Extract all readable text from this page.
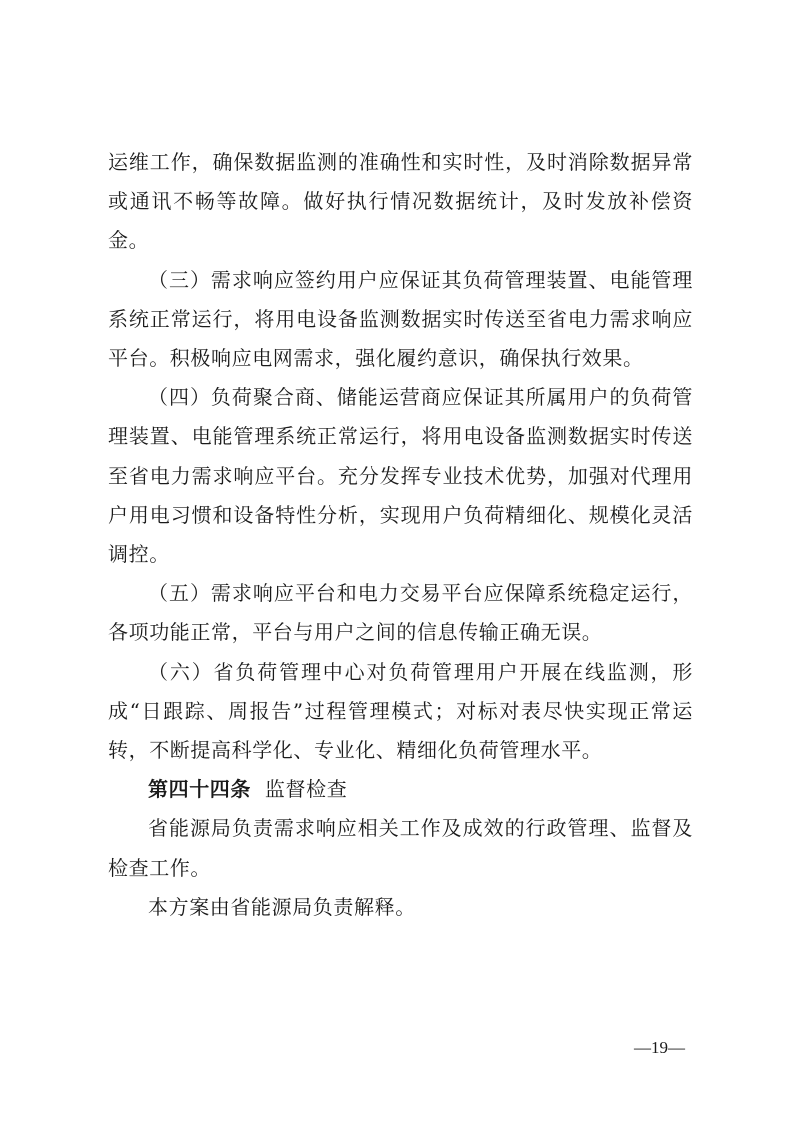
运维工作，确保数据监测的准确性和实时性，及时消除数据异常或通讯不畅等故障。做好执行情况数据统计，及时发放补偿资金。

（三）需求响应签约用户应保证其负荷管理装置、电能管理系统正常运行，将用电设备监测数据实时传送至省电力需求响应平台。积极响应电网需求，强化履约意识，确保执行效果。

（四）负荷聚合商、储能运营商应保证其所属用户的负荷管理装置、电能管理系统正常运行，将用电设备监测数据实时传送至省电力需求响应平台。充分发挥专业技术优势，加强对代理用户用电习惯和设备特性分析，实现用户负荷精细化、规模化灵活调控。

（五）需求响应平台和电力交易平台应保障系统稳定运行，各项功能正常，平台与用户之间的信息传输正确无误。

（六）省负荷管理中心对负荷管理用户开展在线监测，形成“日跟踪、周报告”过程管理模式；对标对表尽快实现正常运转，不断提高科学化、专业化、精细化负荷管理水平。

第四十四条 监督检查

省能源局负责需求响应相关工作及成效的行政管理、监督及检查工作。

本方案由省能源局负责解释。

—19—
